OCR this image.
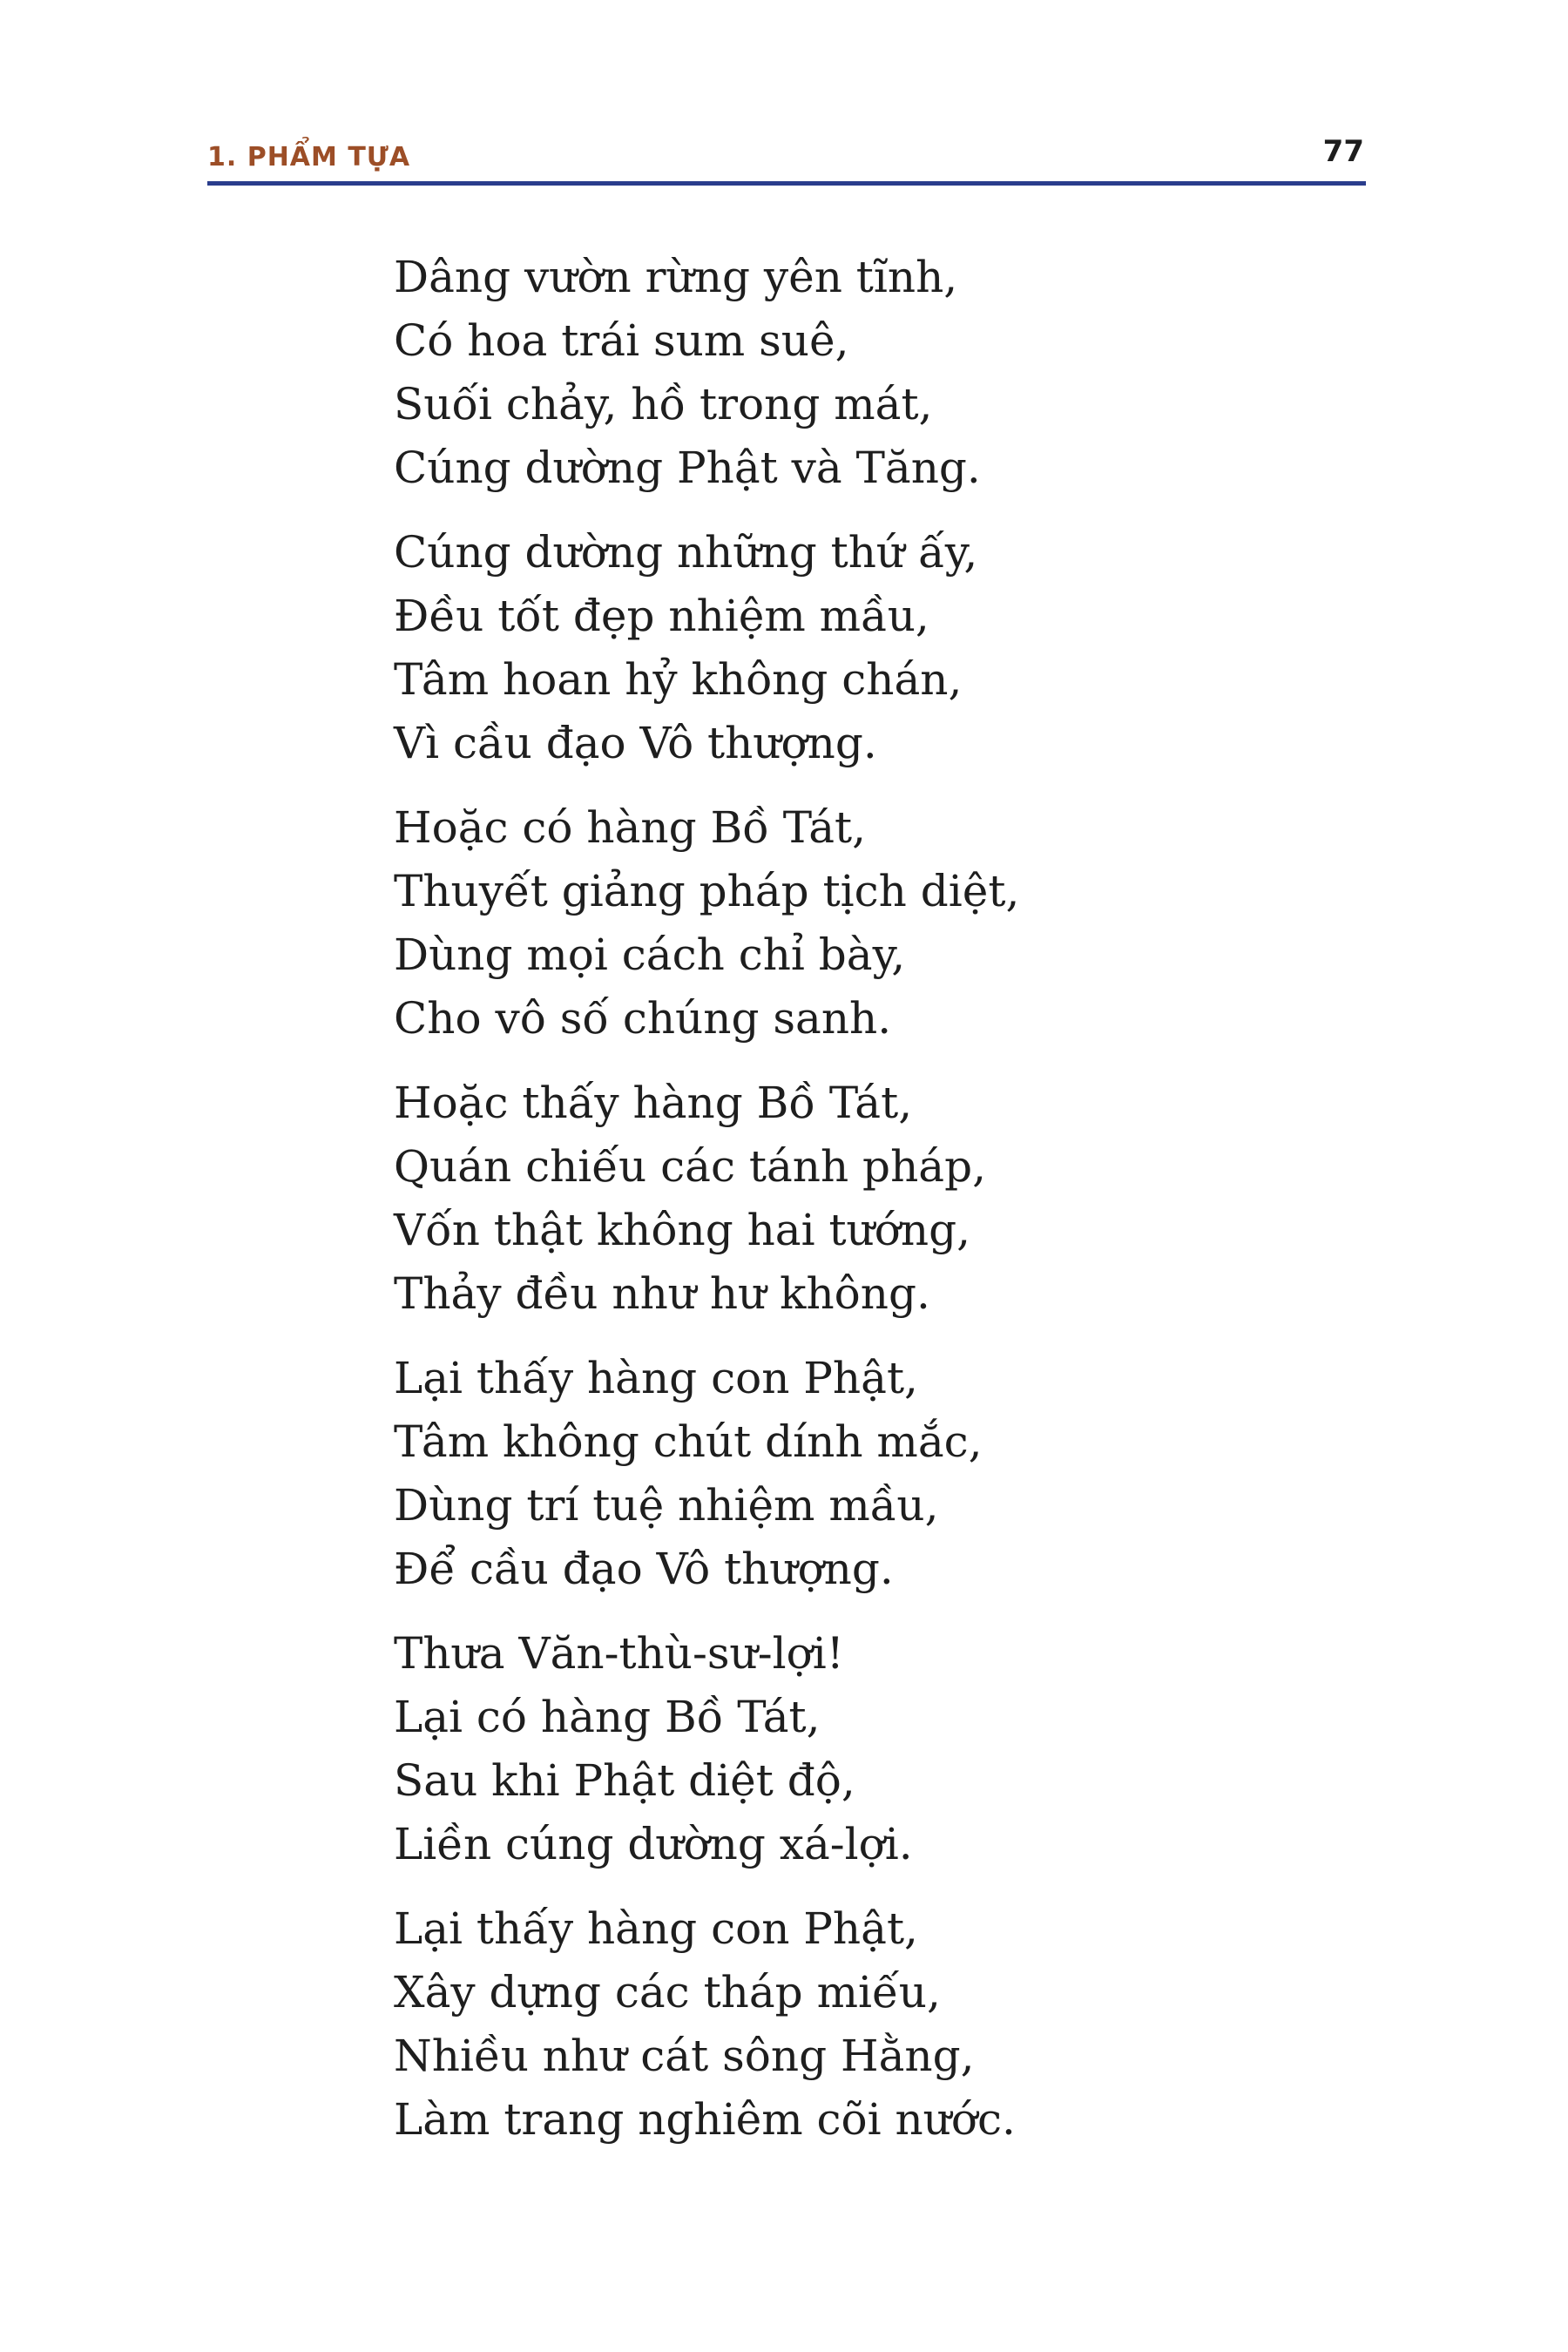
1. PHẨM TỰA	77
Dâng vườn rừng yên tĩnh,
Có hoa trái sum suê,
Suối chảy, hồ trong mát,
Cúng dường Phật và Tăng.
Cúng dường những thứ ấy,
Đều tốt đẹp nhiệm mầu,
Tâm hoan hỷ không chán,
Vì cầu đạo Vô thượng.
Hoặc có hàng Bồ Tát,
Thuyết giảng pháp tịch diệt,
Dùng mọi cách chỉ bày,
Cho vô số chúng sanh.
Hoặc thấy hàng Bồ Tát,
Quán chiếu các tánh pháp,
Vốn thật không hai tướng,
Thảy đều như hư không.
Lại thấy hàng con Phật,
Tâm không chút dính mắc,
Dùng trí tuệ nhiệm mầu,
Để cầu đạo Vô thượng.
Thưa Văn-thù-sư-lợi!
Lại có hàng Bồ Tát,
Sau khi Phật diệt độ,
Liền cúng dường xá-lợi.
Lại thấy hàng con Phật,
Xây dựng các tháp miếu,
Nhiều như cát sông Hằng,
Làm trang nghiêm cõi nước.
